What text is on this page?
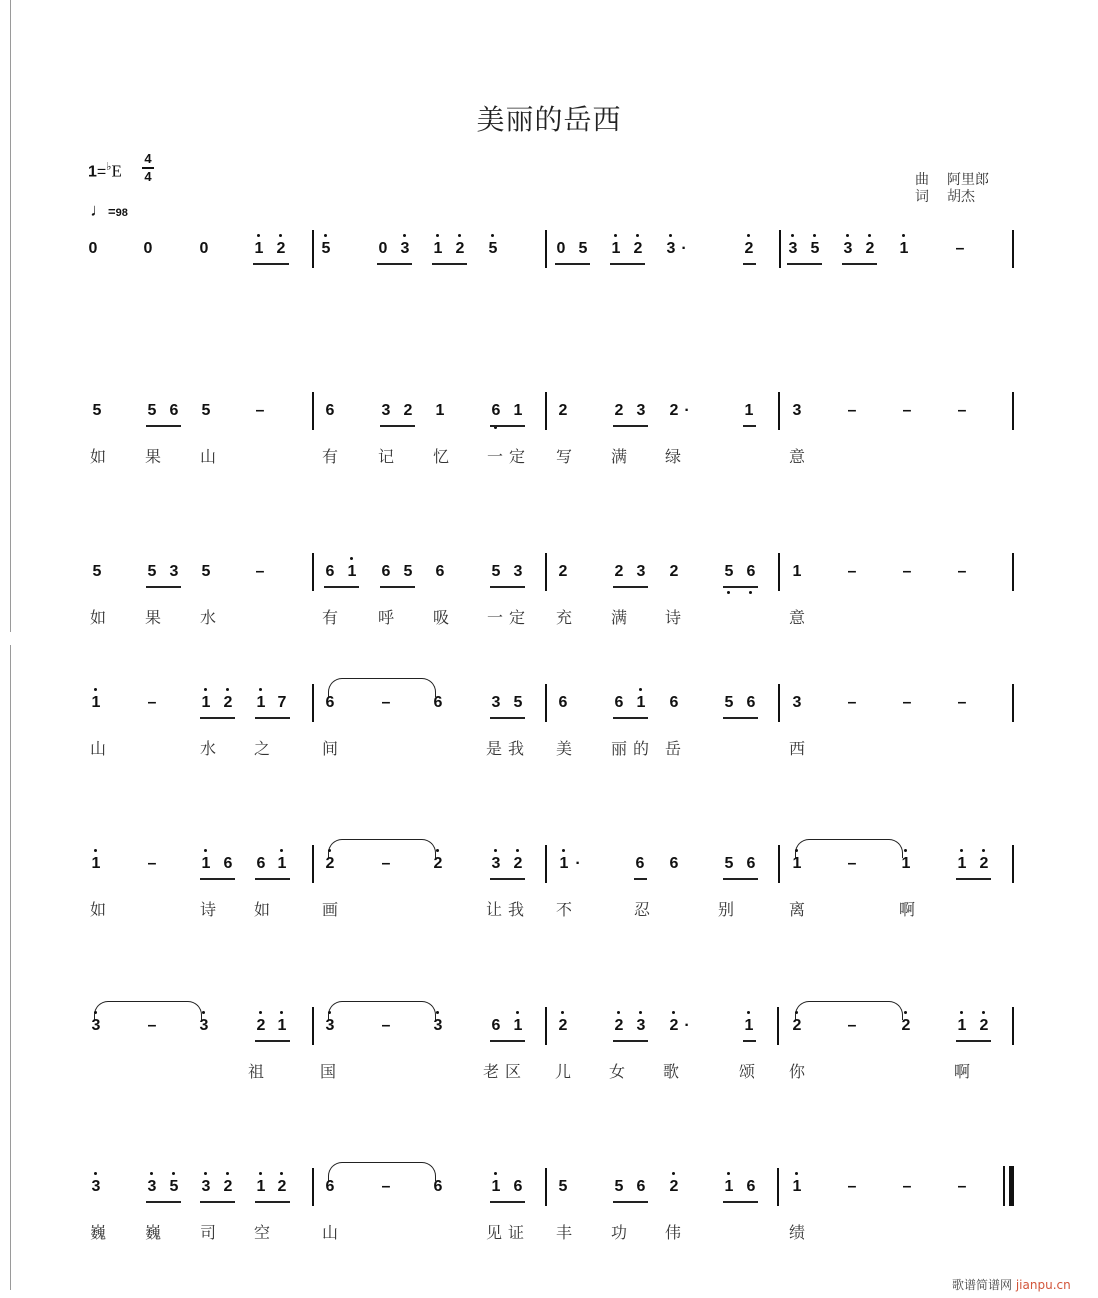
美丽的岳西
1=♭E
4
4
♩=98
曲 阿里郎
词 胡杰
0	0	0	1 2 5	0 3 1 2 5	0 5 1 2 3 ·	2 3 5 3 2 1	–
5	5 6 5	–	6	3 2 1	6 1 2	2 3 2 ·	1 3	–	–	–
如 果 山	有 记 忆 一定 写 满 绿	意
5	5 3 5	–	6 1 6 5 6	5 3 2	2 3 2	5 6 1	–	–	–
如 果 水	有 呼 吸 一定 充 满 诗	意
1	–	1 2 1 7 6	–	6	3 5 6	6 1 6	5 6 3	–	–	–
山	水 之	间	是我 美 丽的 岳	西
1	–	1 6 6 1 2	–	2	3 2 1 ·	6 6	5 6 1	–	1	1 2
如	诗 如	画	让我 不	忍	别	离	啊
3	–	3	2 1 3	–	3	6 1 2	2 3 2 ·	1 2	–	2	1 2
祖	国	老区 儿 女 歌	颂 你	啊
3	3 5 3 2 1 2 6	–	6	1 6 5	5 6 2	1 6 1	–	–	–
巍 巍 司 空	山	见证 丰 功 伟	绩
歌谱简谱网 jianpu.cn
